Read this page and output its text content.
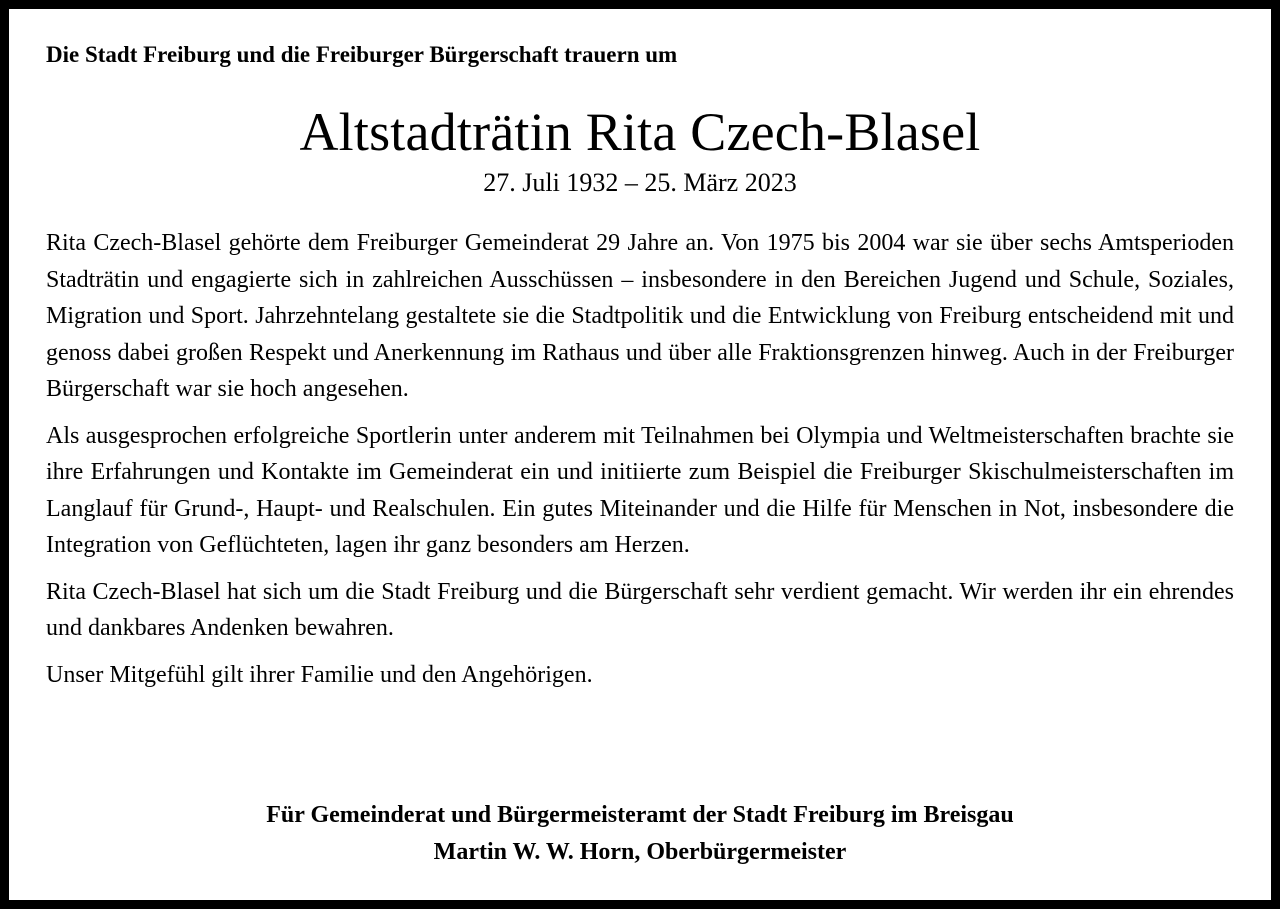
Die Stadt Freiburg und die Freiburger Bürgerschaft trauern um
Altstadträtin Rita Czech-Blasel
27. Juli 1932 – 25. März 2023

Rita Czech-Blasel gehörte dem Freiburger Gemeinderat 29 Jahre an. Von 1975 bis 2004 war sie über sechs Amtsperioden Stadträtin und engagierte sich in zahlreichen Ausschüssen – insbesondere in den Bereichen Jugend und Schule, Soziales, Migration und Sport. Jahrzehntelang gestaltete sie die Stadtpolitik und die Entwicklung von Freiburg entscheidend mit und genoss dabei großen Respekt und Anerkennung im Rathaus und über alle Fraktionsgrenzen hinweg. Auch in der Freiburger Bürgerschaft war sie hoch angesehen.

Als ausgesprochen erfolgreiche Sportlerin unter anderem mit Teilnahmen bei Olympia und Weltmeisterschaften brachte sie ihre Erfahrungen und Kontakte im Gemeinderat ein und initiierte zum Beispiel die Freiburger Skischulmeisterschaften im Langlauf für Grund-, Haupt- und Realschulen. Ein gutes Miteinander und die Hilfe für Menschen in Not, insbesondere die Integration von Geflüchteten, lagen ihr ganz besonders am Herzen.

Rita Czech-Blasel hat sich um die Stadt Freiburg und die Bürgerschaft sehr verdient gemacht. Wir werden ihr ein ehrendes und dankbares Andenken bewahren.

Unser Mitgefühl gilt ihrer Familie und den Angehörigen.

Für Gemeinderat und Bürgermeisteramt der Stadt Freiburg im Breisgau
Martin W. W. Horn, Oberbürgermeister
